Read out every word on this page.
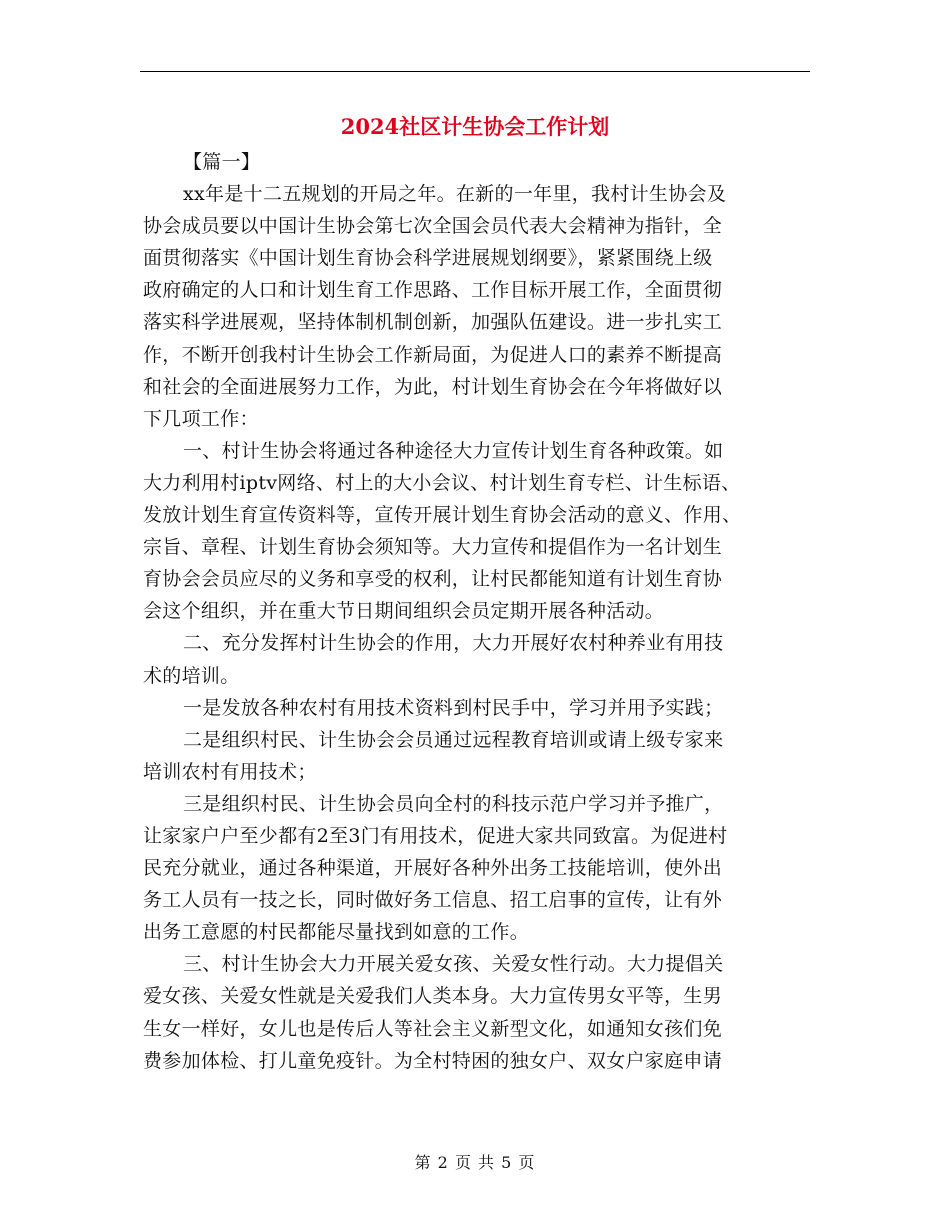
2024社区计生协会工作计划

【篇一】

xx年是十二五规划的开局之年。在新的一年里，我村计生协会及

协会成员要以中国计生协会第七次全国会员代表大会精神为指针，全

面贯彻落实《中国计划生育协会科学进展规划纲要》，紧紧围绕上级

政府确定的人口和计划生育工作思路、工作目标开展工作，全面贯彻

落实科学进展观，坚持体制机制创新，加强队伍建设。进一步扎实工

作，不断开创我村计生协会工作新局面，为促进人口的素养不断提高

和社会的全面进展努力工作，为此，村计划生育协会在今年将做好以

下几项工作：

一、村计生协会将通过各种途径大力宣传计划生育各种政策。如

大力利用村iptv网络、村上的大小会议、村计划生育专栏、计生标语、

发放计划生育宣传资料等，宣传开展计划生育协会活动的意义、作用、

宗旨、章程、计划生育协会须知等。大力宣传和提倡作为一名计划生

育协会会员应尽的义务和享受的权利，让村民都能知道有计划生育协

会这个组织，并在重大节日期间组织会员定期开展各种活动。

二、充分发挥村计生协会的作用，大力开展好农村种养业有用技

术的培训。

一是发放各种农村有用技术资料到村民手中，学习并用予实践；

二是组织村民、计生协会会员通过远程教育培训或请上级专家来

培训农村有用技术；

三是组织村民、计生协会员向全村的科技示范户学习并予推广，

让家家户户至少都有2至3门有用技术，促进大家共同致富。为促进村

民充分就业，通过各种渠道，开展好各种外出务工技能培训，使外出

务工人员有一技之长，同时做好务工信息、招工启事的宣传，让有外

出务工意愿的村民都能尽量找到如意的工作。

三、村计生协会大力开展关爱女孩、关爱女性行动。大力提倡关

爱女孩、关爱女性就是关爱我们人类本身。大力宣传男女平等，生男

生女一样好，女儿也是传后人等社会主义新型文化，如通知女孩们免

费参加体检、打儿童免疫针。为全村特困的独女户、双女户家庭申请

第 2 页 共 5 页
